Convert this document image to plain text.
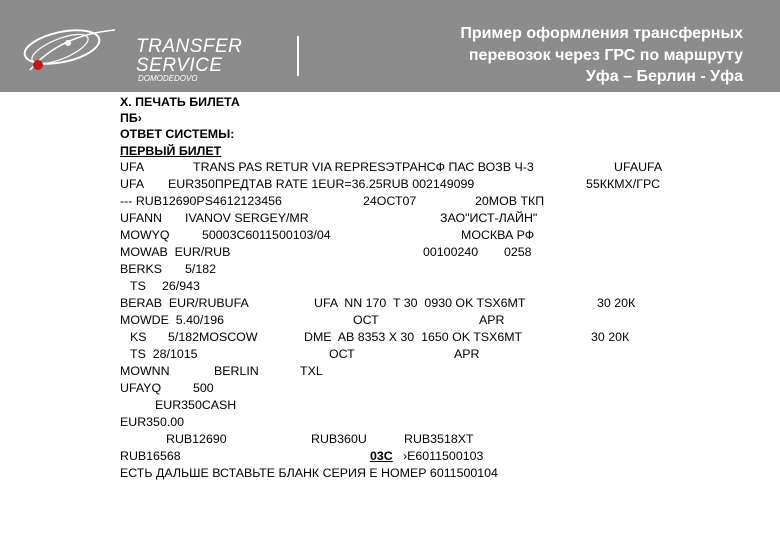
TRANSFER
SERVICE
DOMODEDOVO
Пример оформления трансферных
перевозок через ГРС по маршруту
Уфа – Берлин - Уфа
Х. ПЕЧАТЬ БИЛЕТА
ПБ›
ОТВЕТ СИСТЕМЫ:
ПЕРВЫЙ БИЛЕТ
UFA	TRANS PAS RETUR VIA REPRESЭТРАНСФ ПАС ВОЗВ Ч-3	UFAUFA
UFA EUR350ПРЕДТАВ RATE 1EUR=36.25RUB 002149099	55ККМХ/ГРС
--- RUB12690PS4612123456	24ОСТ07	20МОВ ТКП
UFANN IVANOV SERGEY/MR	ЗАО"ИСТ-ЛАЙН"
MOWYQ	50003С6011500103/04	МОСКВА РФ
MOWAB  EUR/RUB	00100240 0258
BERKS 5/182
TS 26/943
BERAB  EUR/RUBUFA	UFA  NN 170  T 30  0930 OK TSX6MT	30 20К
MOWDE  5.40/196	ОСТ	APR
KS 5/182MOSCOW	DME  AB 8353 X 30  1650 OK TSX6MT	30 20К
TS  28/1015	ОСТ	APR
MOWNN	BERLIN	TXL
UFAYQ	500
EUR350CASH
EUR350.00
RUB12690	RUB360U	RUB3518XT
RUB16568	03С ›Е6011500103
ЕСТЬ ДАЛЬШЕ ВСТАВЬТЕ БЛАНК СЕРИЯ Е НОМЕР 6011500104
